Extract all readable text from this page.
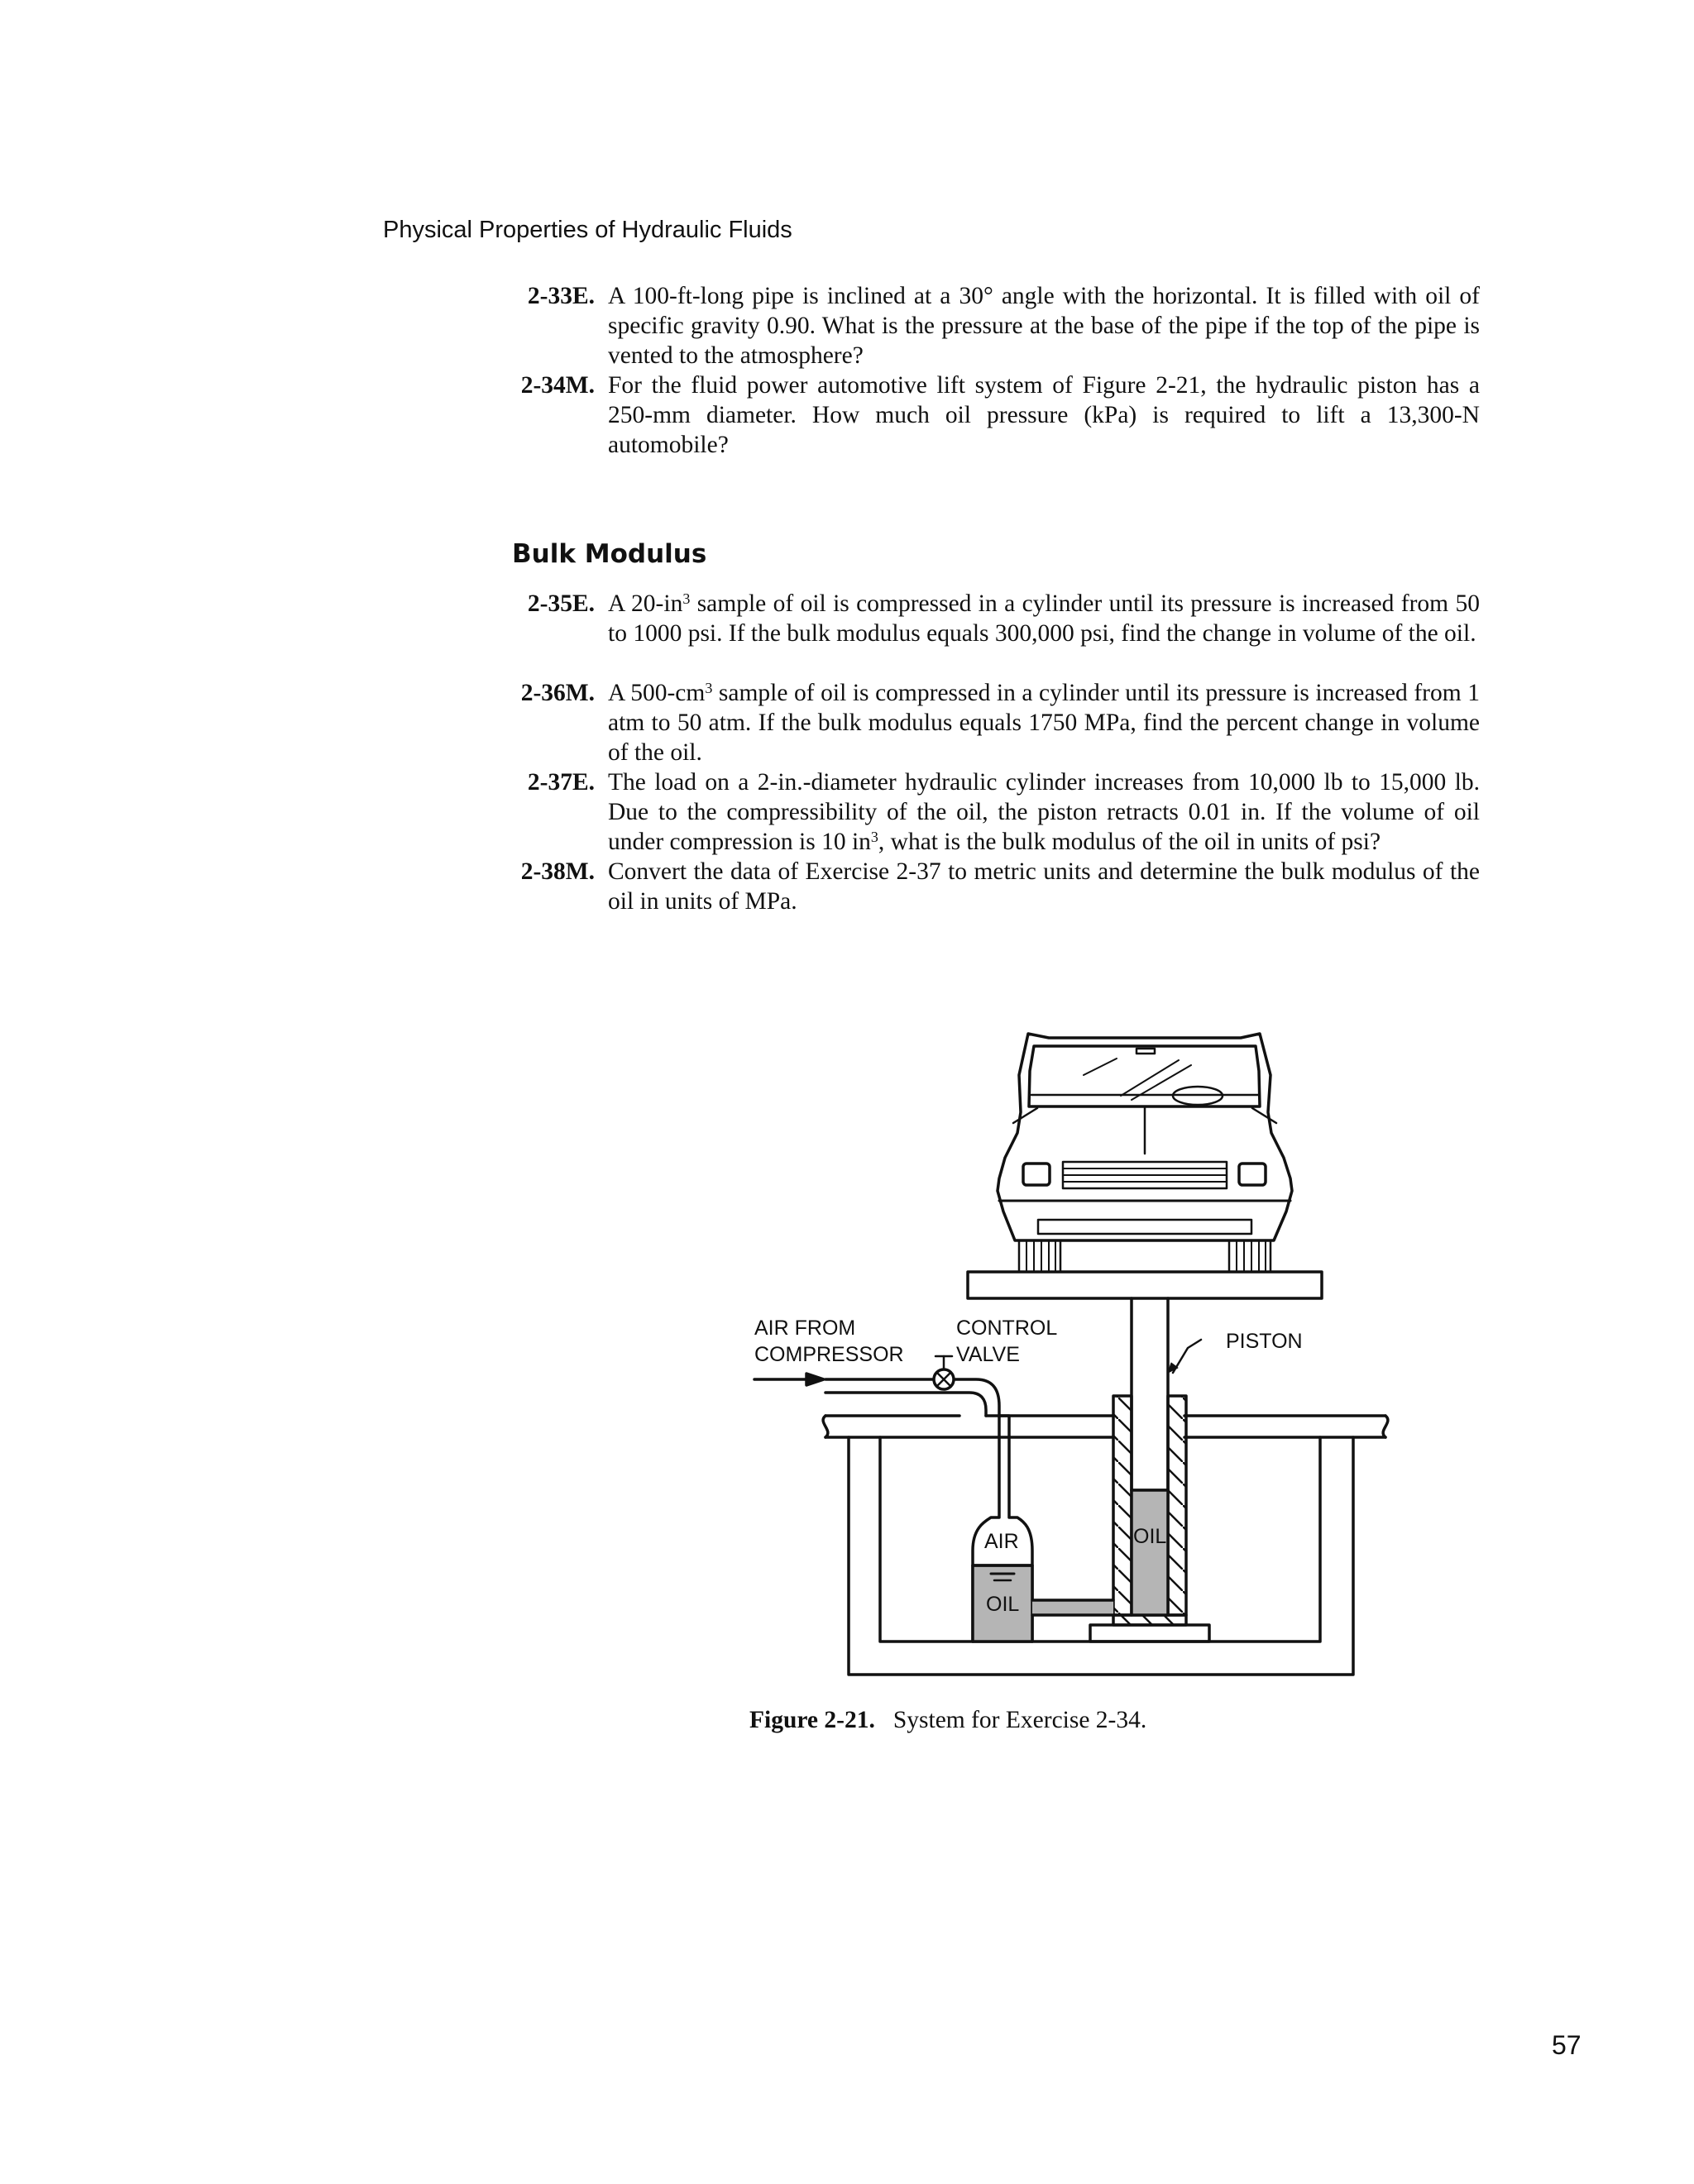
Physical Properties of Hydraulic Fluids
2-33E. A 100-ft-long pipe is inclined at a 30° angle with the horizontal. It is filled with oil of specific gravity 0.90. What is the pressure at the base of the pipe if the top of the pipe is vented to the atmosphere?
2-34M. For the fluid power automotive lift system of Figure 2-21, the hydraulic piston has a 250-mm diameter. How much oil pressure (kPa) is required to lift a 13,300-N automobile?
Bulk Modulus
2-35E. A $20-in^3$ sample of oil is compressed in a cylinder until its pressure is increased from 50 to 1000 psi. If the bulk modulus equals 300,000 psi, find the change in volume of the oil.
2-36M. A $500-cm^3$ sample of oil is compressed in a cylinder until its pressure is increased from 1 atm to 50 atm. If the bulk modulus equals 1750 MPa, find the percent change in volume of the oil.
2-37E. The load on a 2-in.-diameter hydraulic cylinder increases from 10,000 lb to 15,000 lb. Due to the compressibility of the oil, the piston retracts 0.01 in. If the volume of oil under compression is 10 $in^3$, what is the bulk modulus of the oil in units of psi?
2-38M. Convert the data of Exercise 2-37 to metric units and determine the bulk modulus of the oil in units of MPa.
AIR FROM
COMPRESSOR
CONTROL
VALVE
PISTON
AIR
OIL
OIL
Figure 2-21. System for Exercise 2-34.
57
